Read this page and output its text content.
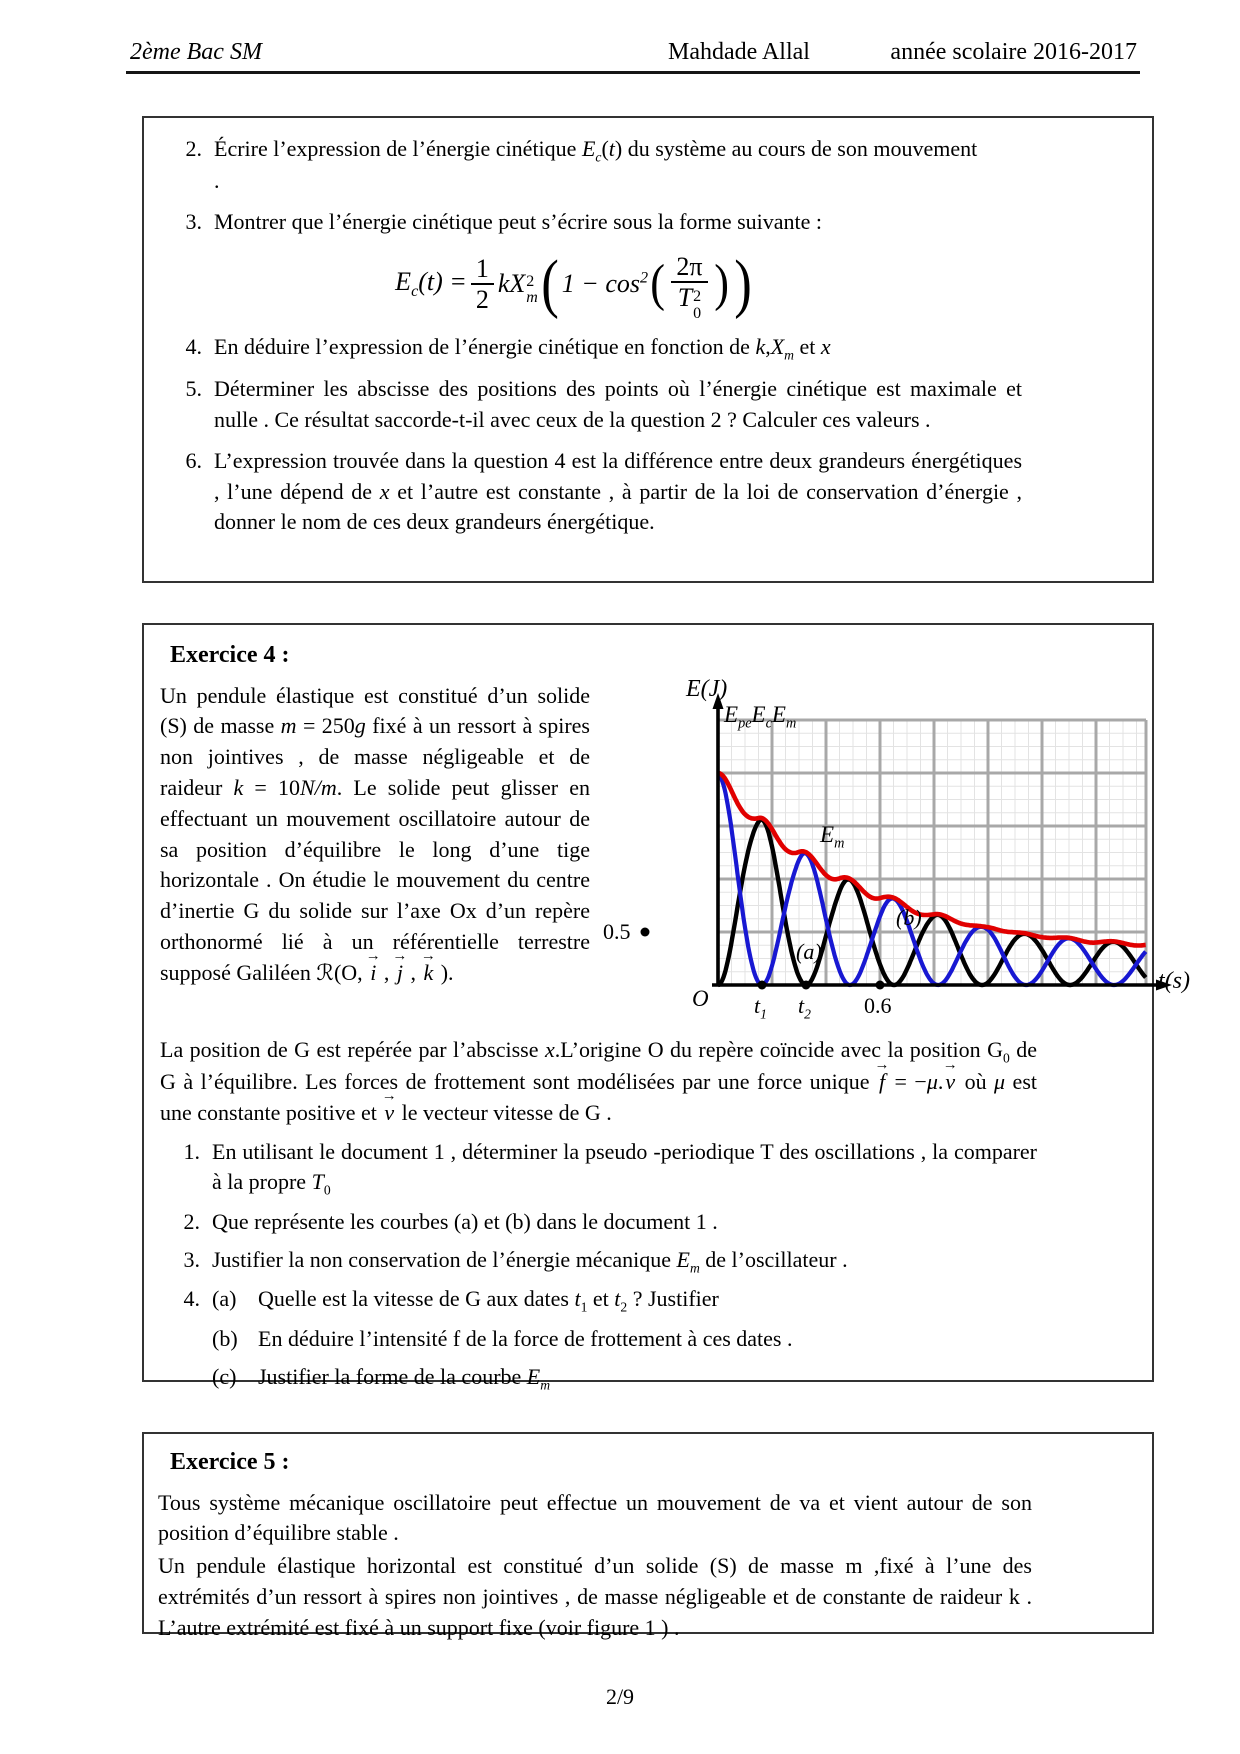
2ème Bac SM	Mahdade Allal	année scolaire 2016-2017
2. Écrire l’expression de l’énergie cinétique $E_c(t)$ du système au cours de son mouvement
.
3. Montrer que l’énergie cinétique peut s’écrire sous la forme suivante :
$E_c(t) = \frac{1}{2}$ kX 2
m ( $1 - \cos^2$ ( 2π
T 2
0 ) )
4. En déduire l’expression de l’énergie cinétique en fonction de $k,X_m$ et x
5. Déterminer les abscisse des positions des points où l’énergie cinétique est maximale et nulle . Ce résultat saccorde-t-il avec ceux de la question 2 ? Calculer ces valeurs .
6. L’expression trouvée dans la question 4 est la différence entre deux grandeurs énergétiques , l’une dépend de x et l’autre est constante , à partir de la loi de conservation d’énergie , donner le nom de ces deux grandeurs énergétique.
Exercice 4 :
E(J)
$E_{pe}E_cE_m$
0.5
O $t_1$ $t_2$ 0.6
t(s)
$E_m$
(a)
(b)

Un pendule élastique est constitué d’un solide (S) de masse m = 250g fixé à un ressort à spires non jointives , de masse négligeable et de raideur k = 10N/m. Le solide peut glisser en effectuant un mouvement oscillatoire autour de sa position d’équilibre le long d’une tige horizontale . On étudie le mouvement du centre d’inertie G du solide sur l’axe Ox d’un repère orthonormé lié à un référentielle terrestre supposé Galiléen ℛ(O, → i , → j , → k ).

La position de G est repérée par l’abscisse x.L’origine O du repère coïncide avec la position $G_0$ de G à l’équilibre. Les forces de frottement sont modélisées par une force unique → f = −μ.→ v où μ est une constante positive et → v le vecteur vitesse de G .

1. En utilisant le document 1 , déterminer la pseudo -periodique T des oscillations , la comparer à la propre $T_0$
2. Que représente les courbes (a) et (b) dans le document 1 .
3. Justifier la non conservation de l’énergie mécanique $E_m$ de l’oscillateur .
4. (a) Quelle est la vitesse de G aux dates $t_1$ et $t_2$ ? Justifier
(b) En déduire l’intensité f de la force de frottement à ces dates .
(c) Justifier la forme de la courbe $E_m$
Exercice 5 :

Tous système mécanique oscillatoire peut effectue un mouvement de va et vient autour de son position d’équilibre stable .

Un pendule élastique horizontal est constitué d’un solide (S) de masse m ,fixé à l’une des extrémités d’un ressort à spires non jointives , de masse négligeable et de constante de raideur k . L’autre extrémité est fixé à un support fixe (voir figure 1 ) .

2/9
